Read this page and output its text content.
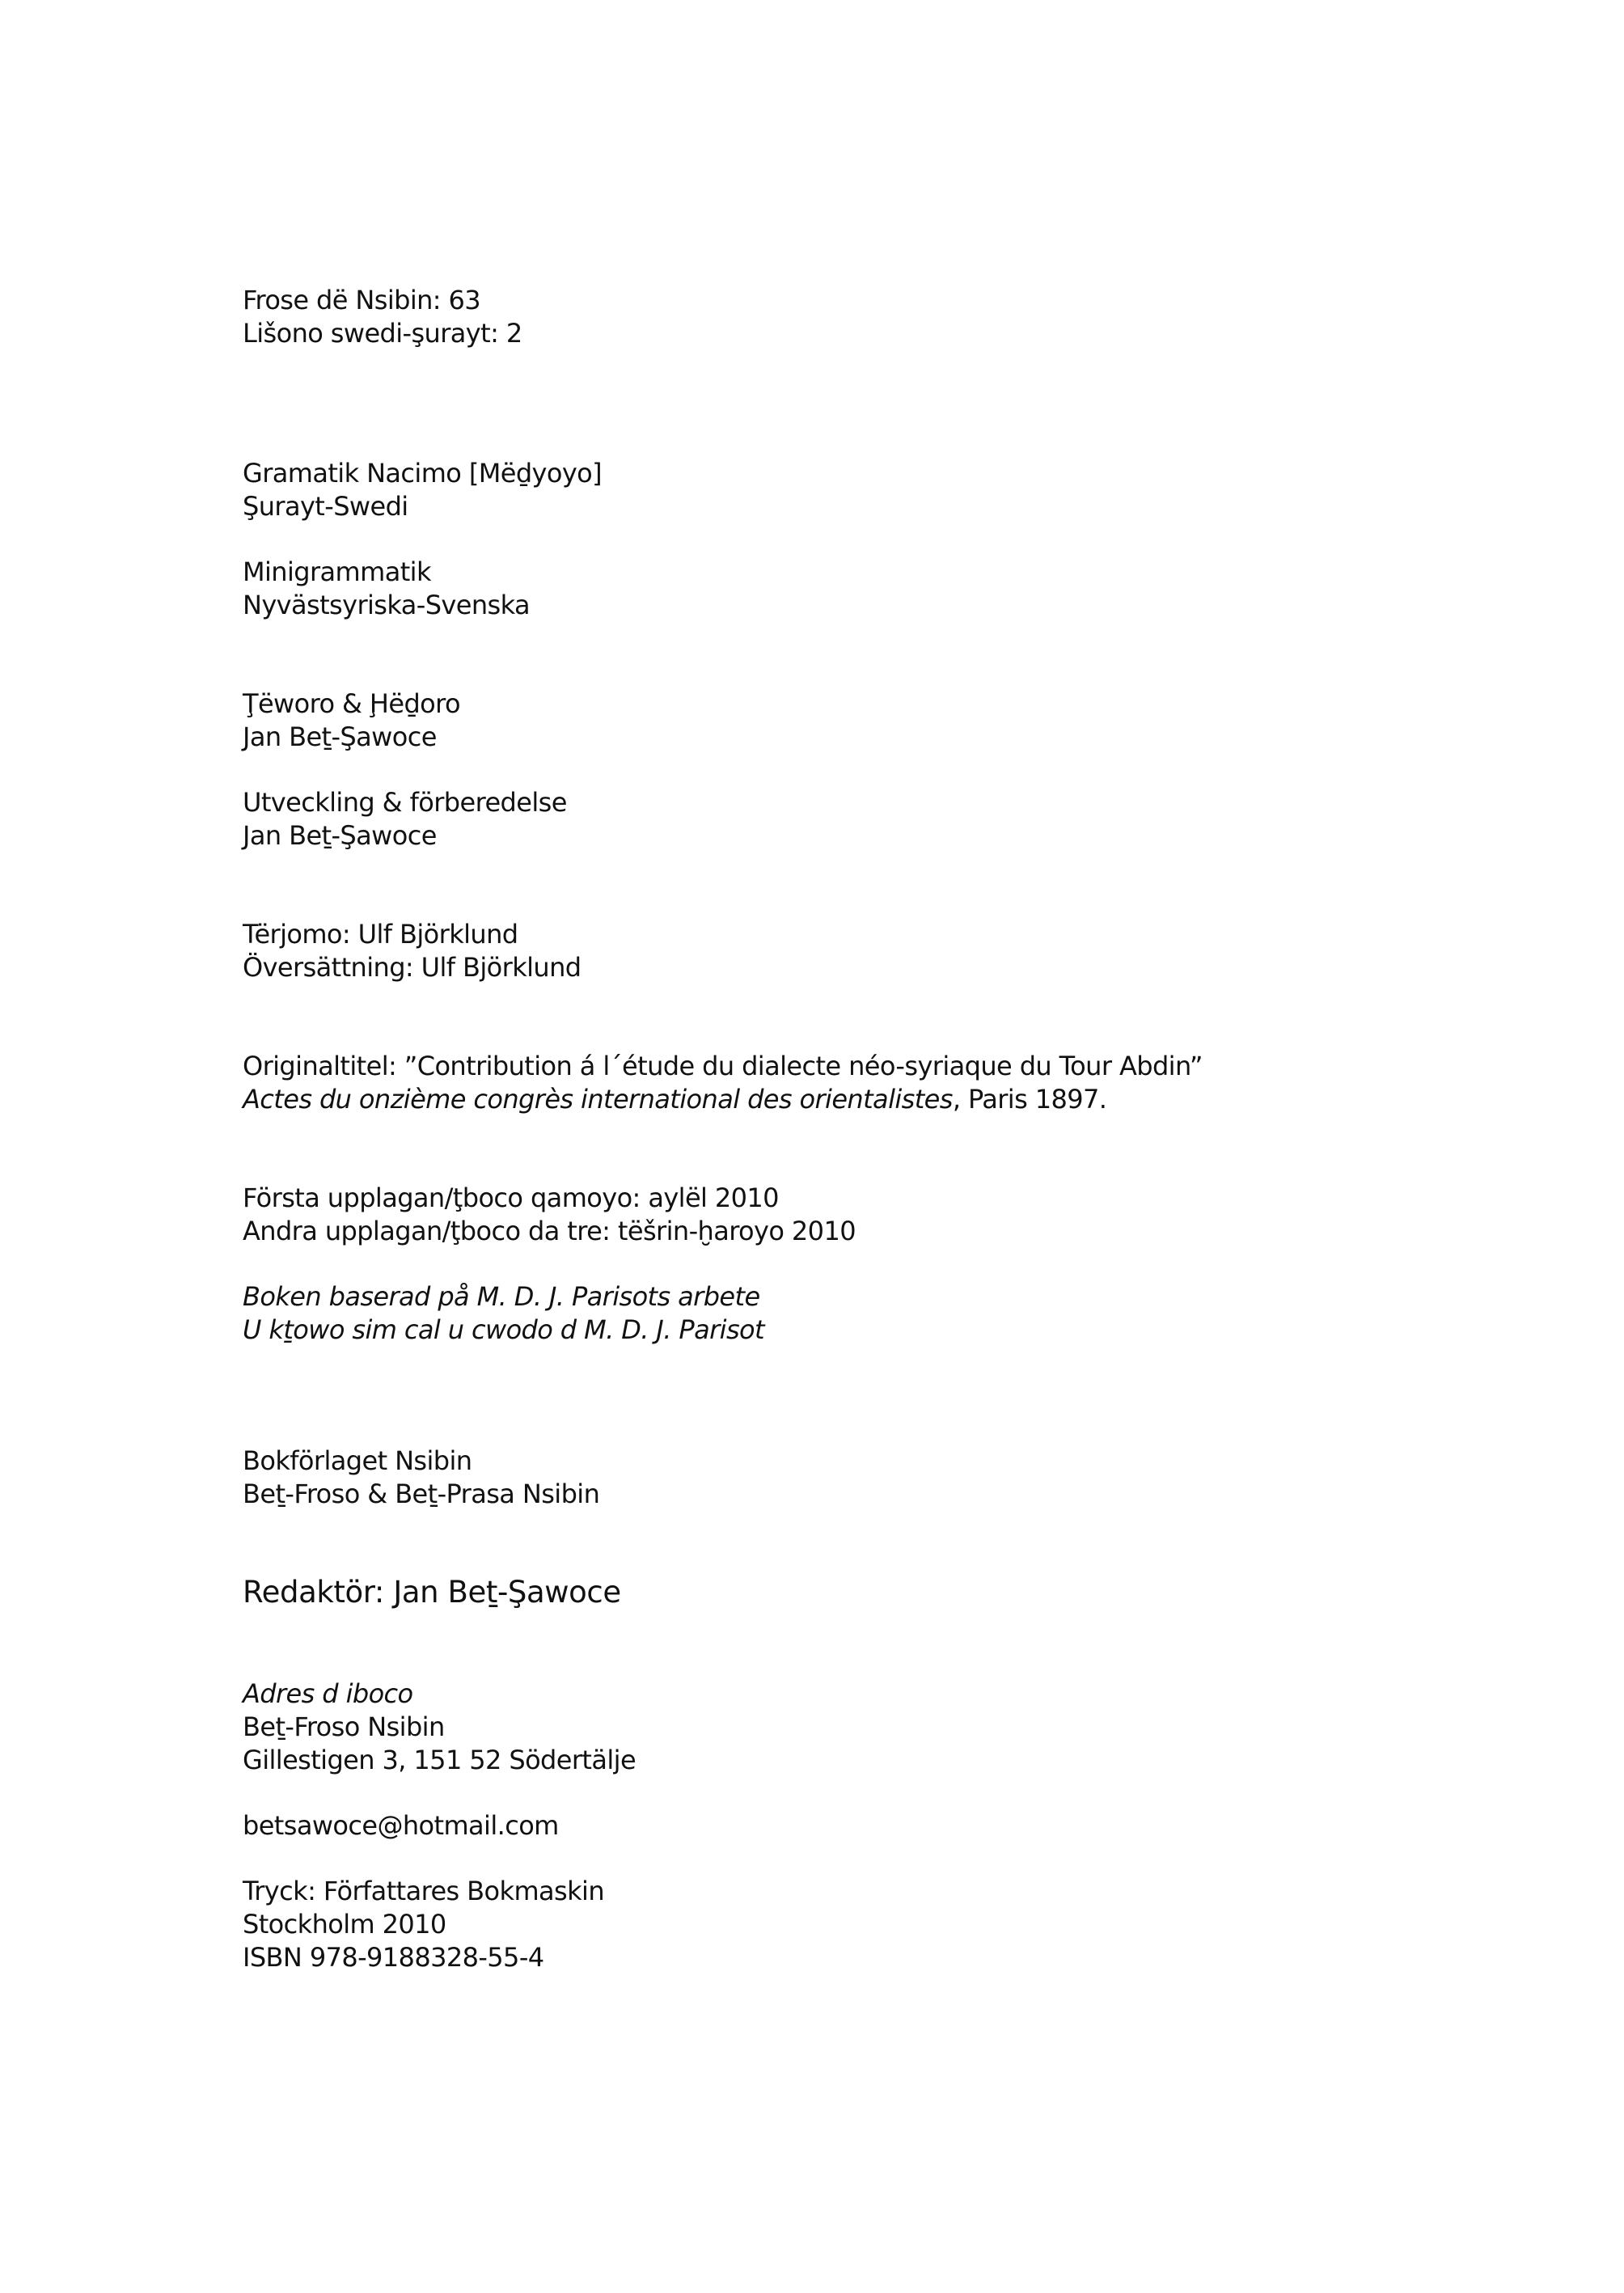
Frose dë Nsibin: 63
Lišono swedi-şurayt: 2
Gramatik Nacimo [Mëḏyoyo]
Şurayt-Swedi
Minigrammatik
Nyvästsyriska-Svenska
Ţëworo & Ḩëḏoro
Jan Beṯ-Şawoce
Utveckling & förberedelse
Jan Beṯ-Şawoce
Tërjomo: Ulf Björklund
Översättning: Ulf Björklund
Originaltitel: ”Contribution á l´étude du dialecte néo-syriaque du Tour Abdin”
Actes du onzième congrès international des orientalistes, Paris 1897.
Första upplagan/ţboco qamoyo: aylël 2010
Andra upplagan/ţboco da tre: tëšrin-ḫaroyo 2010
Boken baserad på M. D. J. Parisots arbete
U kṯowo sim cal u cwodo d M. D. J. Parisot
Bokförlaget Nsibin
Beṯ-Froso & Beṯ-Prasa Nsibin
Redaktör: Jan Beṯ-Şawoce
Adres d iboco
Beṯ-Froso Nsibin
Gillestigen 3, 151 52 Södertälje
betsawoce@hotmail.com
Tryck: Författares Bokmaskin
Stockholm 2010
ISBN 978-9188328-55-4
